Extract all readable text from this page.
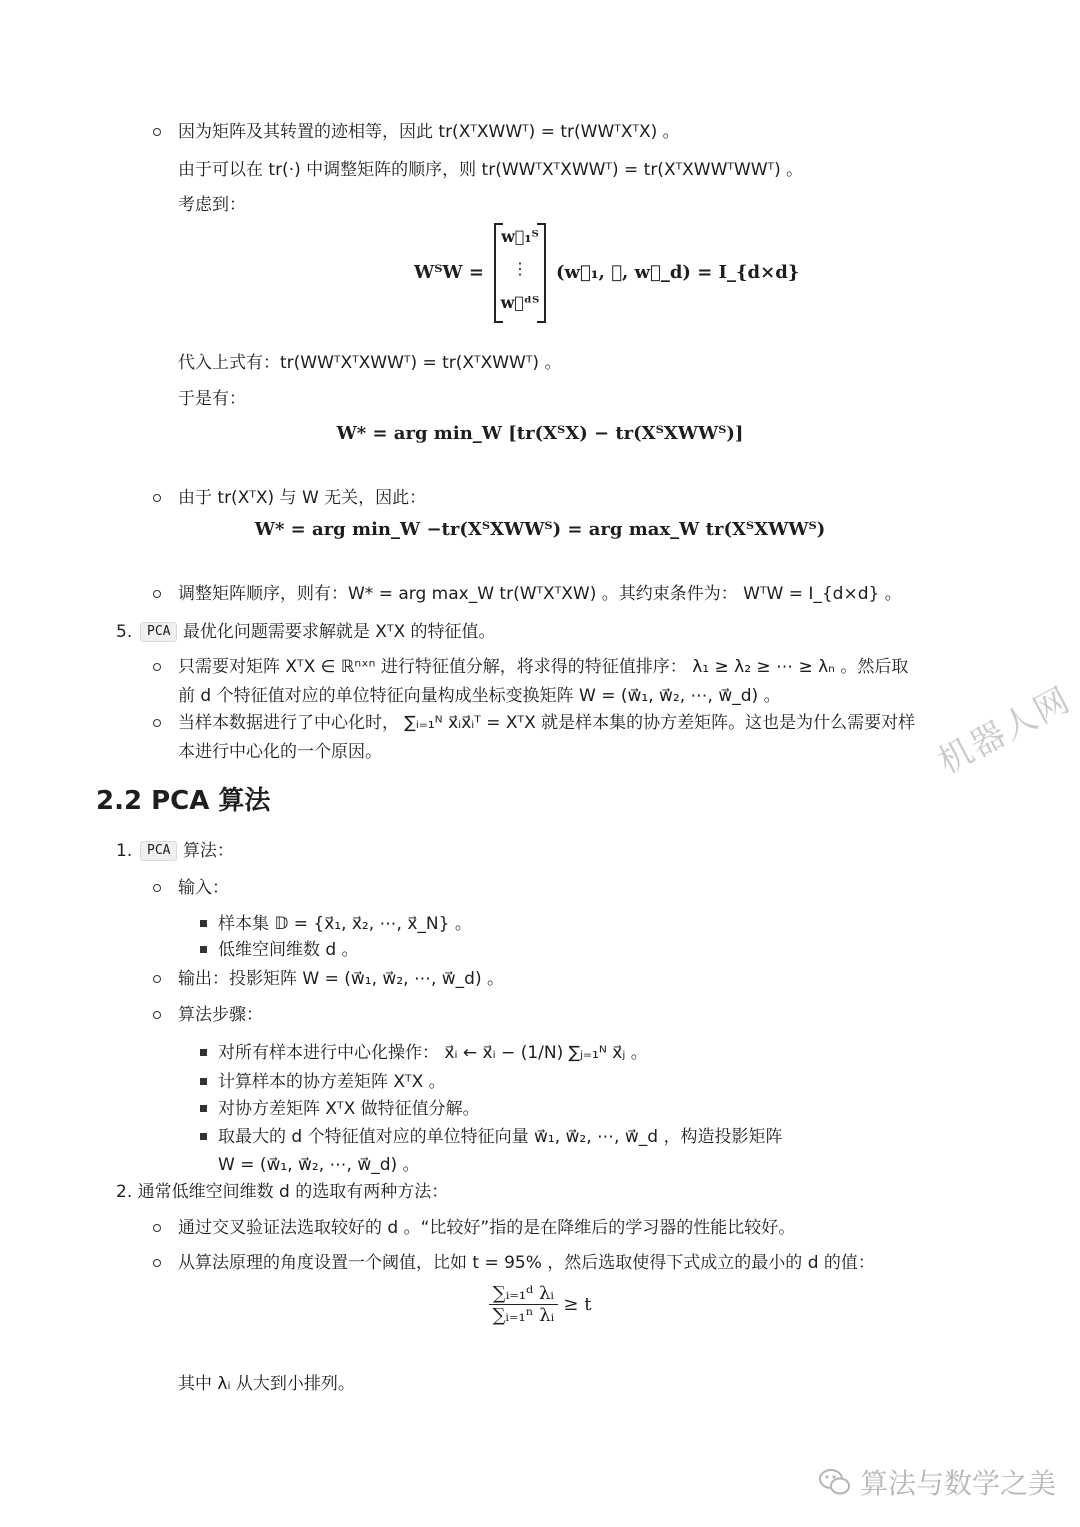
因为矩阵及其转置的迹相等，因此 tr(XᵀXWWᵀ) = tr(WWᵀXᵀX) 。
由于可以在 tr(·) 中调整矩阵的顺序，则 tr(WWᵀXᵀXWWᵀ) = tr(XᵀXWWᵀWWᵀ) 。
考虑到：
WᵀW =
w⃗₁ᵀ
⋮
w⃗ᵈᵀ
(w⃗₁, ⋯, w⃗_d) = I_{d×d}
代入上式有：tr(WWᵀXᵀXWWᵀ) = tr(XᵀXWWᵀ) 。
于是有：
W* = arg min_W [tr(XᵀX) − tr(XᵀXWWᵀ)]
由于 tr(XᵀX) 与 W 无关，因此：
W* = arg min_W −tr(XᵀXWWᵀ) = arg max_W tr(XᵀXWWᵀ)
调整矩阵顺序，则有：W* = arg max_W tr(WᵀXᵀXW) 。其约束条件为： WᵀW = I_{d×d} 。
5.	PCA 最优化问题需要求解就是 XᵀX 的特征值。
只需要对矩阵 XᵀX ∈ ℝⁿˣⁿ 进行特征值分解，将求得的特征值排序： λ₁ ≥ λ₂ ≥ ⋯ ≥ λₙ 。然后取
前 d 个特征值对应的单位特征向量构成坐标变换矩阵 W = (w⃗₁, w⃗₂, ⋯, w⃗_d) 。
当样本数据进行了中心化时， ∑ᵢ₌₁ᴺ x⃗ᵢx⃗ᵢᵀ = XᵀX 就是样本集的协方差矩阵。这也是为什么需要对样
本进行中心化的一个原因。	机器人网
2.2 PCA 算法
1.	PCA 算法：
输入：
样本集 𝔻 = {x⃗₁, x⃗₂, ⋯, x⃗_N} 。
低维空间维数 d 。
输出：投影矩阵 W = (w⃗₁, w⃗₂, ⋯, w⃗_d) 。
算法步骤：
对所有样本进行中心化操作： x⃗ᵢ ← x⃗ᵢ − (1/N) ∑ⱼ₌₁ᴺ x⃗ⱼ 。
计算样本的协方差矩阵 XᵀX 。
对协方差矩阵 XᵀX 做特征值分解。
取最大的 d 个特征值对应的单位特征向量 w⃗₁, w⃗₂, ⋯, w⃗_d ，构造投影矩阵
W = (w⃗₁, w⃗₂, ⋯, w⃗_d) 。
2. 通常低维空间维数 d 的选取有两种方法：
通过交叉验证法选取较好的 d 。“比较好”指的是在降维后的学习器的性能比较好。
从算法原理的角度设置一个阈值，比如 t = 95% ，然后选取使得下式成立的最小的 d 的值：
$\frac{\text{∑ᵢ₌₁ᵈ λᵢ}}{\text{∑ᵢ₌₁ⁿ λᵢ}} \ge t$
其中 λᵢ 从大到小排列。
算法与数学之美
